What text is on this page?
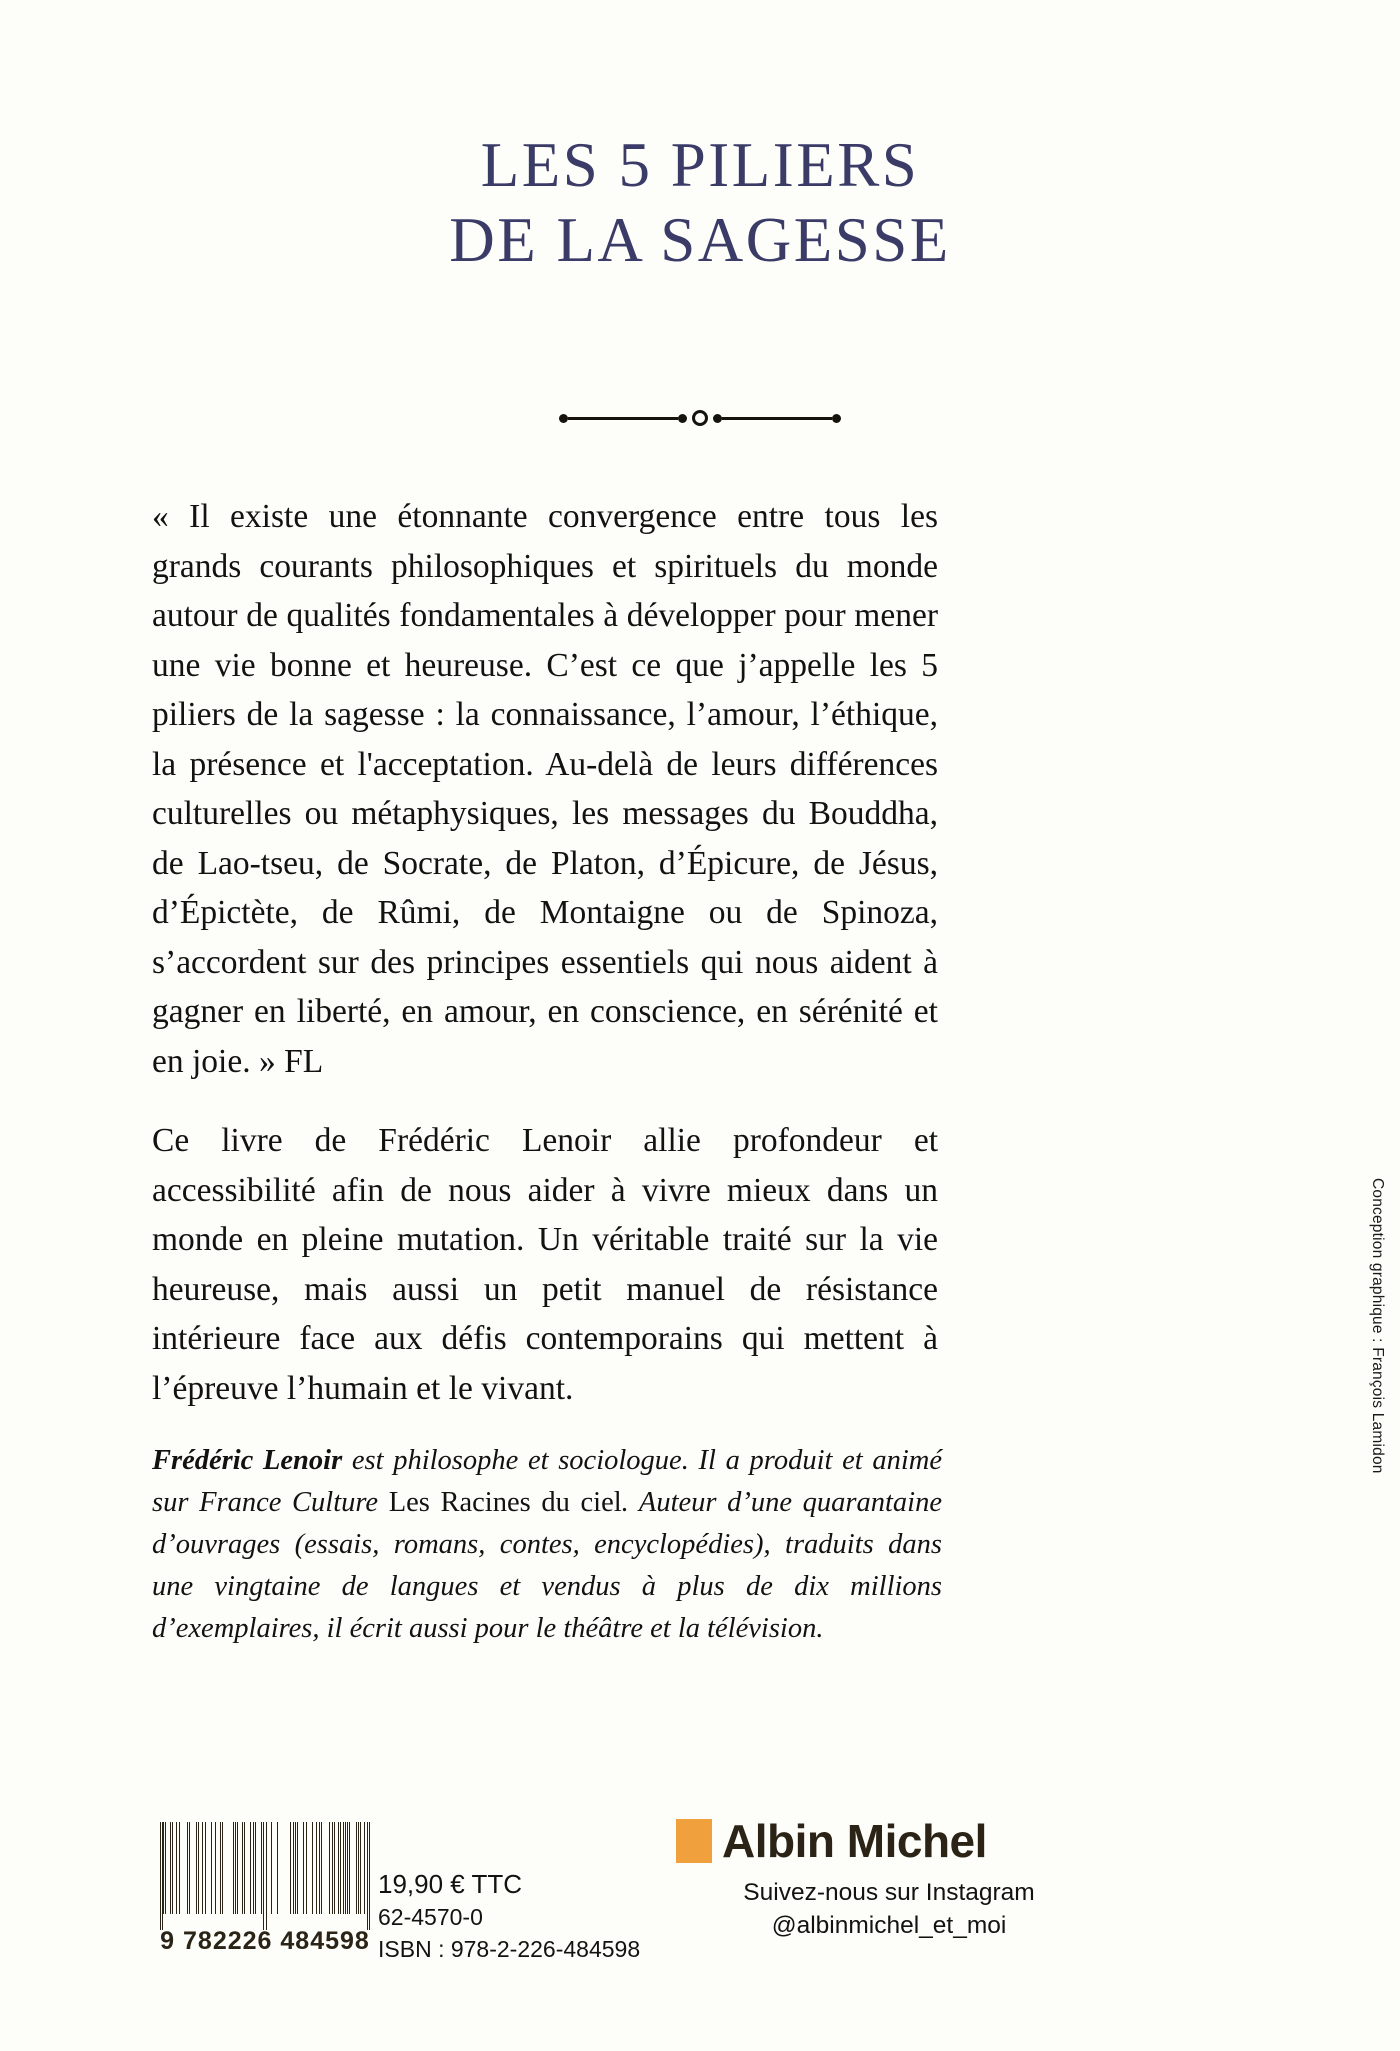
LES 5 PILIERS
DE LA SAGESSE

« Il existe une étonnante convergence entre tous les grands courants philosophiques et spirituels du monde autour de qualités fondamentales à développer pour mener une vie bonne et heureuse. C’est ce que j’appelle les 5 piliers de la sagesse : la connaissance, l’amour, l’éthique, la présence et l'acceptation. Au-delà de leurs différences culturelles ou métaphysiques, les messages du Bouddha, de Lao-tseu, de Socrate, de Platon, d’Épicure, de Jésus, d’Épictète, de Rûmi, de Montaigne ou de Spinoza, s’accordent sur des principes essentiels qui nous aident à gagner en liberté, en amour, en conscience, en sérénité et en joie. » FL

Ce livre de Frédéric Lenoir allie profondeur et accessibilité afin de nous aider à vivre mieux dans un monde en pleine mutation. Un véritable traité sur la vie heureuse, mais aussi un petit manuel de résistance intérieure face aux défis contemporains qui mettent à l’épreuve l’humain et le vivant.

Frédéric Lenoir est philosophe et sociologue. Il a produit et animé sur France Culture Les Racines du ciel. Auteur d’une quarantaine d’ouvrages (essais, romans, contes, encyclopédies), traduits dans une vingtaine de langues et vendus à plus de dix millions d’exemplaires, il écrit aussi pour le théâtre et la télévision.
Conception graphique : François Lamidon
9 782226 484598
19,90 € TTC
62-4570-0
ISBN : 978-2-226-484598
Albin Michel
Suivez-nous sur Instagram
@albinmichel_et_moi
